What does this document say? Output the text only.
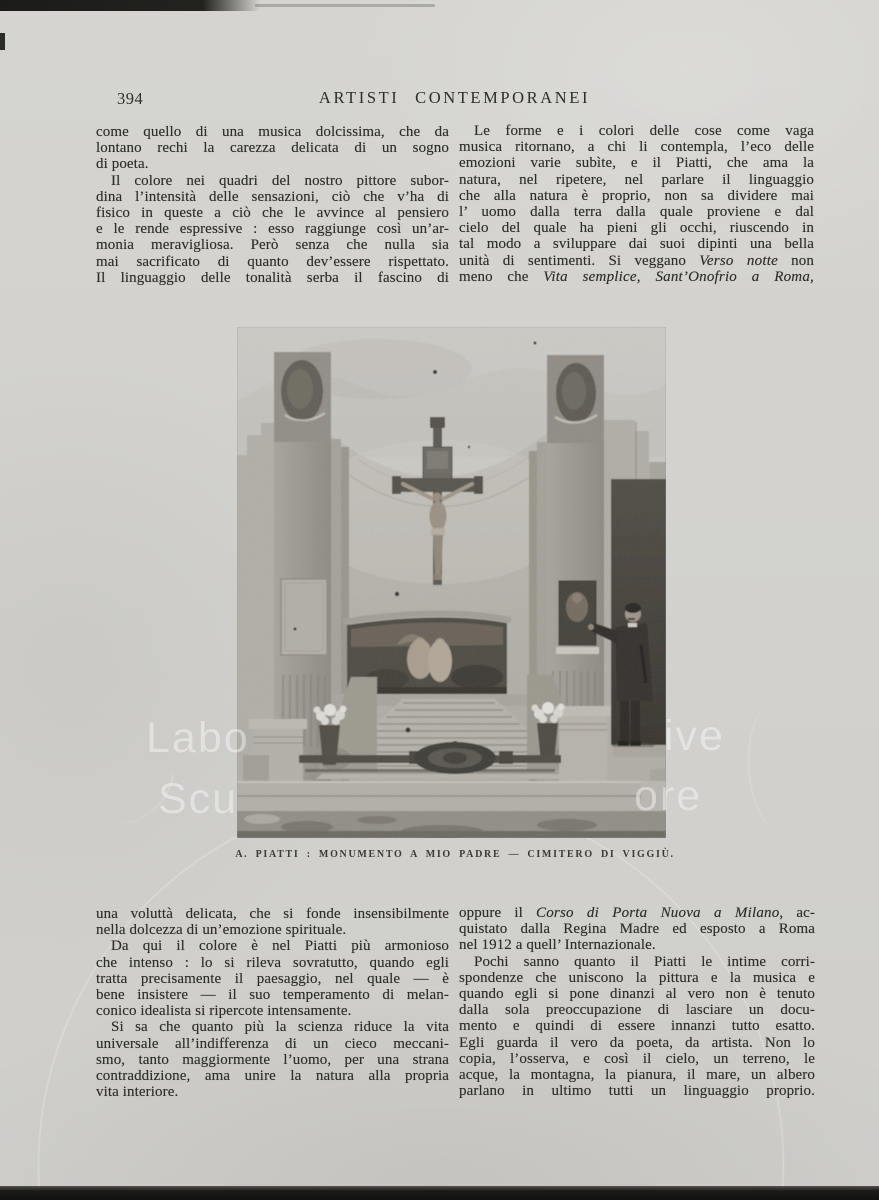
394	ARTISTI CONTEMPORANEI
come quello di una musica dolcissima, che da
lontano rechi la carezza delicata di un sogno
di poeta.
Il colore nei quadri del nostro pittore subor-
dina l’intensità delle sensazioni, ciò che v’ha di
fisico in queste a ciò che le avvince al pensiero
e le rende espressive : esso raggiunge così un’ar-
monia meravigliosa. Però senza che nulla sia
mai sacrificato di quanto dev’essere rispettato.
Il linguaggio delle tonalità serba il fascino di
Le forme e i colori delle cose come vaga
musica ritornano, a chi li contempla, l’eco delle
emozioni varie subìte, e il Piatti, che ama la
natura, nel ripetere, nel parlare il linguaggio
che alla natura è proprio, non sa dividere mai
l’ uomo dalla terra dalla quale proviene e dal
cielo del quale ha pieni gli occhi, riuscendo in
tal modo a sviluppare dai suoi dipinti una bella
unità di sentimenti. Si veggano Verso notte non
meno che Vita semplice, Sant’Onofrio a Roma,
una voluttà delicata, che si fonde insensibilmente
nella dolcezza di un’emozione spirituale.
Da qui il colore è nel Piatti più armonioso
che intenso : lo si rileva sovratutto, quando egli
tratta precisamente il paesaggio, nel quale — è
bene insistere — il suo temperamento di melan-
conico idealista si ripercote intensamente.
Si sa che quanto più la scienza riduce la vita
universale all’indifferenza di un cieco meccani-
smo, tanto maggiormente l’uomo, per una strana
contraddizione, ama unire la natura alla propria
vita interiore.
oppure il Corso di Porta Nuova a Milano, ac-
quistato dalla Regina Madre ed esposto a Roma
nel 1912 a quell’ Internazionale.
Pochi sanno quanto il Piatti le intime corri-
spondenze che uniscono la pittura e la musica e
quando egli si pone dinanzi al vero non è tenuto
dalla sola preoccupazione di lasciare un docu-
mento e quindi di essere innanzi tutto esatto.
Egli guarda il vero da poeta, da artista. Non lo
copia, l’osserva, e così il cielo, un terreno, le
acque, la montagna, la pianura, il mare, un albero
parlano in ultimo tutti un linguaggio proprio.
A. PIATTI : MONUMENTO A MIO PADRE — CIMITERO DI VIGGIÙ.
Labo	ive
Scu	ore
